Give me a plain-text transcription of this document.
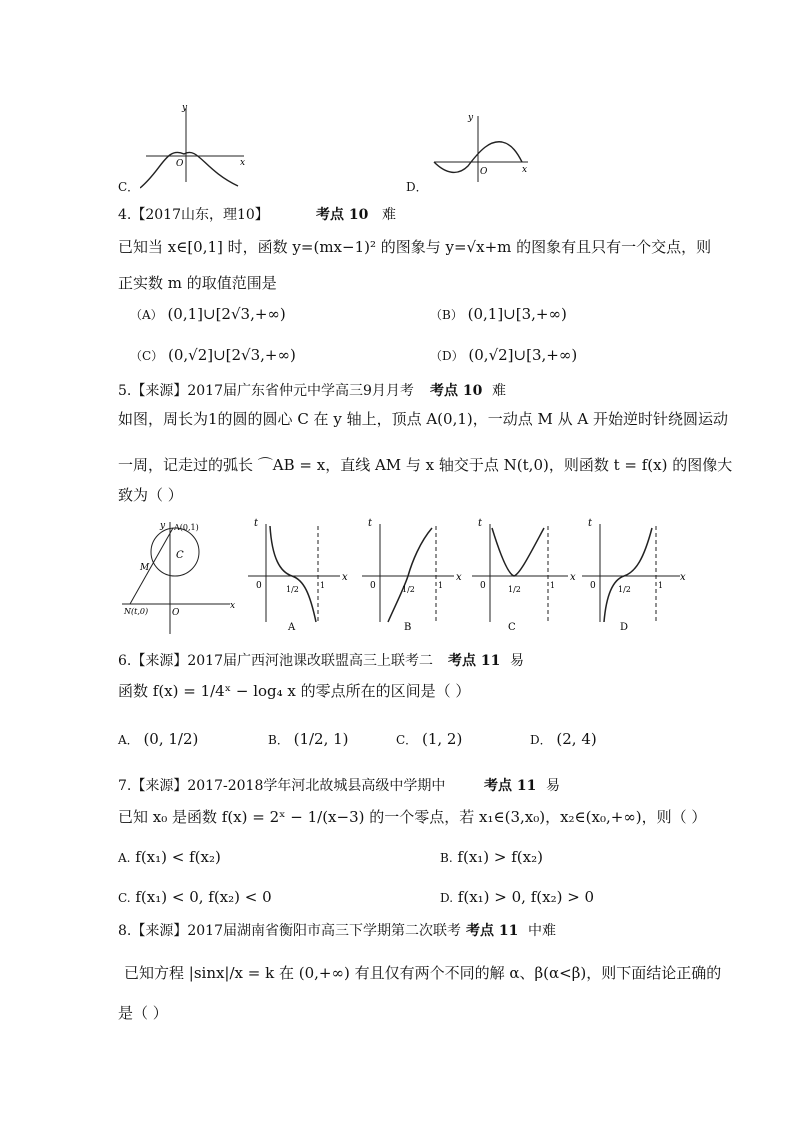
y
x
O
C．
y
x
O
D．
4.【2017山东，理10】	考点 10 难
已知当 x∈[0,1] 时，函数 y=(mx−1)² 的图象与 y=√x+m 的图象有且只有一个交点，则
正实数 m 的取值范围是
（A） (0,1]∪[2√3,+∞)	（B） (0,1]∪[3,+∞)
（C） (0,√2]∪[2√3,+∞)	（D） (0,√2]∪[3,+∞)
5.【来源】2017届广东省仲元中学高三9月月考 考点 10 难
如图，周长为1的圆的圆心 C 在 y 轴上，顶点 A(0,1)，一动点 M 从 A 开始逆时针绕圆运动
一周，记走过的弧长 ⌒AB = x，直线 AM 与 x 轴交于点 N(t,0)，则函数 t = f(x) 的图像大
致为（ ）
y A(0,1)
C
M
N(t,0)	O
x
t
x
0	1/2	1
A
t
x
0	1/2	1
B
t
x
0	1/2	1
C
t
x
0	1/2	1
D
6.【来源】2017届广西河池课改联盟高三上联考二 考点 11 易
函数 f(x) = 1/4ˣ − log₄ x 的零点所在的区间是（ ）
A． (0, 1/2)	B． (1/2, 1)	C． (1, 2)	D． (2, 4)
7.【来源】2017-2018学年河北故城县高级中学期中	考点 11 易
已知 x₀ 是函数 f(x) = 2ˣ − 1/(x−3) 的一个零点，若 x₁∈(3,x₀)，x₂∈(x₀,+∞)，则（ ）
A. f(x₁) < f(x₂)	B. f(x₁) > f(x₂)
C. f(x₁) < 0, f(x₂) < 0	D. f(x₁) > 0, f(x₂) > 0
8.【来源】2017届湖南省衡阳市高三下学期第二次联考 考点 11 中难
已知方程 |sinx|/x = k 在 (0,+∞) 有且仅有两个不同的解 α、β(α<β)，则下面结论正确的
是（ ）
